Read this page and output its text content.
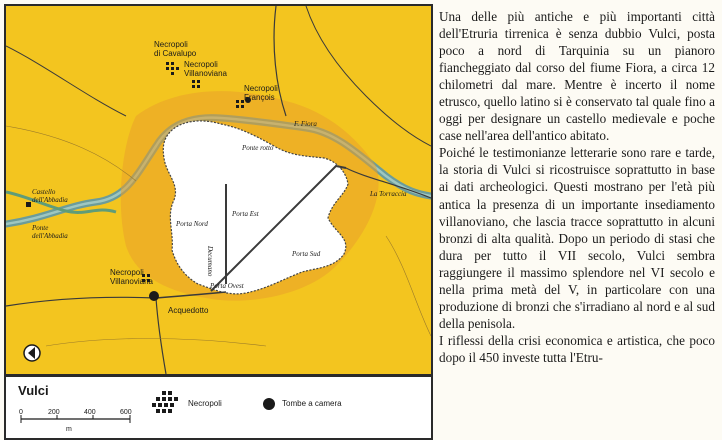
Necropoli
di Cavalupo
Necropoli
Villanoviana
Necropoli
François
F. Fiora
Ponte rotto
Castello
dell'Abbadia
Ponte
dell'Abbadia
La Torraccia
Porta Nord
Porta Est
Decumano	Porta Sud
Porta Ovest
Necropoli
Villanoviana
Acquedotto
Vulci
0	200	400	600
m
Necropoli	Tombe a camera

Una delle più antiche e più importanti città dell'Etruria tirrenica è senza dubbio Vulci, posta poco a nord di Tarquinia su un pianoro fiancheggiato dal corso del fiume Fiora, a circa 12 chilometri dal mare. Mentre è incerto il nome etrusco, quello latino si è conservato tal quale fino a oggi per designare un castello medievale e poche case nell'area dell'antico abitato.

Poiché le testimonianze letterarie sono rare e tarde, la storia di Vulci si ricostruisce soprattutto in base ai dati archeologici. Questi mostrano per l'età più antica la presenza di un importante insediamento villanoviano, che lascia tracce soprattutto in alcuni bronzi di alta qualità. Dopo un periodo di stasi che dura per tutto il VII secolo, Vulci sembra raggiungere il massimo splendore nel VI secolo e nella prima metà del V, in particolare con una produzione di bronzi che s'irradiano al nord e al sud della penisola.

I riflessi della crisi economica e artistica, che poco dopo il 450 investe tutta l'Etru-
